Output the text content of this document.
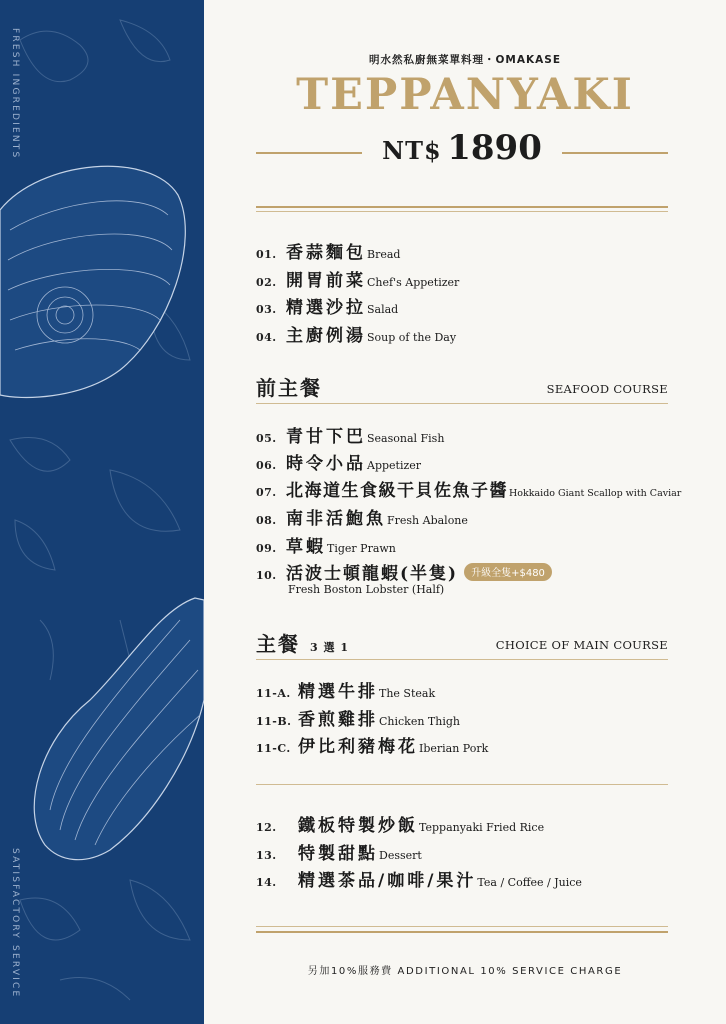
FRESH INGREDIENTS
SATISFACTORY SERVICE
明水然私廚無菜單料理・OMAKASE
TEPPANYAKI
NT$ 1890
01. 香蒜麵包Bread
02. 開胃前菜Chef's Appetizer
03. 精選沙拉Salad
04. 主廚例湯Soup of the Day
前主餐	SEAFOOD COURSE
05. 青甘下巴Seasonal Fish
06. 時令小品Appetizer
07. 北海道生食級干貝佐魚子醬Hokkaido Giant Scallop with Caviar
08. 南非活鮑魚Fresh Abalone
09. 草蝦Tiger Prawn
10. 活波士頓龍蝦(半隻) 升級全隻+$480
Fresh Boston Lobster (Half)
主餐 3 選 1	CHOICE OF MAIN COURSE
11-A. 精選牛排The Steak
11-B. 香煎雞排Chicken Thigh
11-C. 伊比利豬梅花Iberian Pork
12. 鐵板特製炒飯Teppanyaki Fried Rice
13. 特製甜點Dessert
14. 精選茶品/咖啡/果汁Tea / Coffee / Juice
另加10%服務費 ADDITIONAL 10% SERVICE CHARGE
